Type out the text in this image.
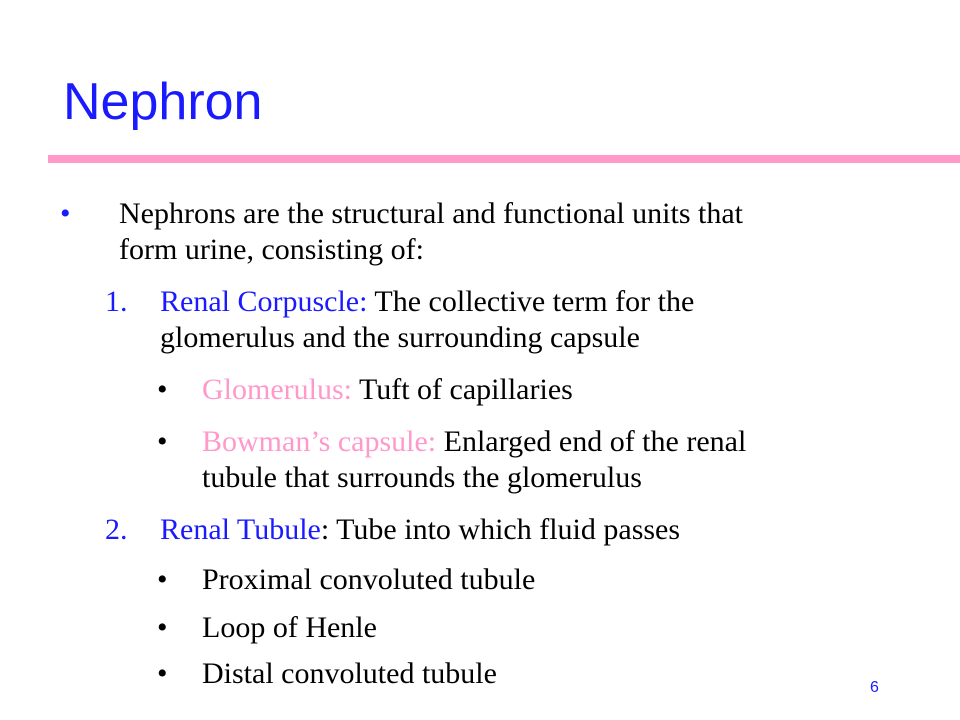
Nephron
• Nephrons are the structural and functional units that

form urine, consisting of:

1. Renal Corpuscle: The collective term for the

glomerulus and the surrounding capsule

• Glomerulus: Tuft of capillaries

• Bowman’s capsule: Enlarged end of the renal

tubule that surrounds the glomerulus

2. Renal Tubule: Tube into which fluid passes

• Proximal convoluted tubule

• Loop of Henle

• Distal convoluted tubule	6
